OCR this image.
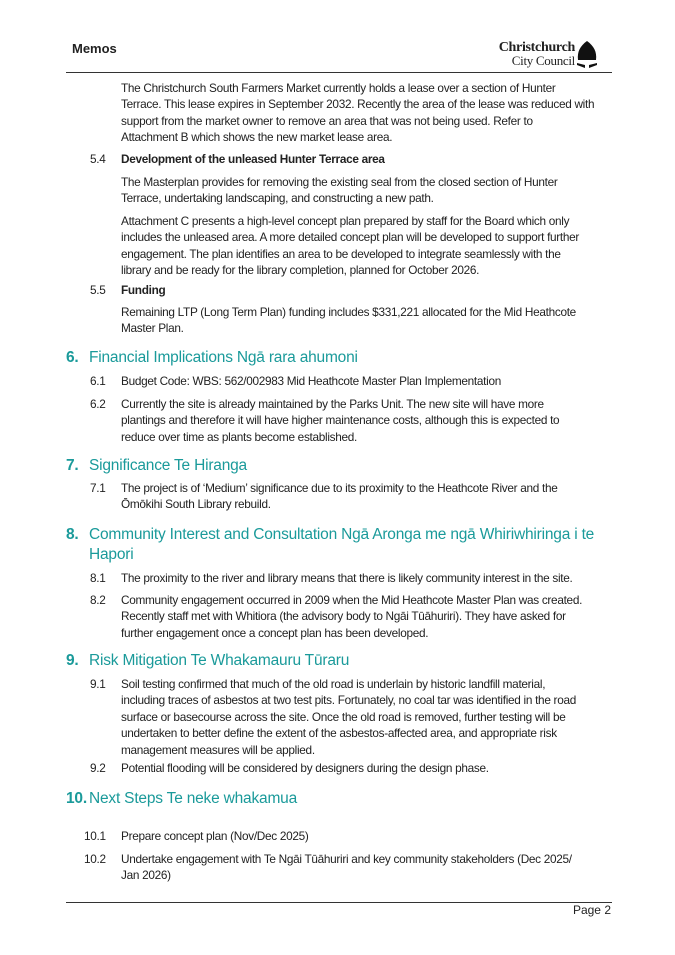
Memos	Christchurch
City Council
The Christchurch South Farmers Market currently holds a lease over a section of Hunter
Terrace. This lease expires in September 2032. Recently the area of the lease was reduced with
support from the market owner to remove an area that was not being used. Refer to
Attachment B which shows the new market lease area.
5.4 Development of the unleased Hunter Terrace area
The Masterplan provides for removing the existing seal from the closed section of Hunter
Terrace, undertaking landscaping, and constructing a new path.
Attachment C presents a high-level concept plan prepared by staff for the Board which only
includes the unleased area. A more detailed concept plan will be developed to support further
engagement. The plan identifies an area to be developed to integrate seamlessly with the
library and be ready for the library completion, planned for October 2026.
5.5 Funding
Remaining LTP (Long Term Plan) funding includes $331,221 allocated for the Mid Heathcote
Master Plan.
6. Financial Implications Ngā rara ahumoni
6.1 Budget Code: WBS: 562/002983 Mid Heathcote Master Plan Implementation
6.2 Currently the site is already maintained by the Parks Unit. The new site will have more
plantings and therefore it will have higher maintenance costs, although this is expected to
reduce over time as plants become established.
7. Significance Te Hiranga
7.1 The project is of ‘Medium’ significance due to its proximity to the Heathcote River and the
Ōmōkihi South Library rebuild.
8. Community Interest and Consultation Ngā Aronga me ngā Whiriwhiringa i te
Hapori
8.1 The proximity to the river and library means that there is likely community interest in the site.
8.2 Community engagement occurred in 2009 when the Mid Heathcote Master Plan was created.
Recently staff met with Whitiora (the advisory body to Ngāi Tūāhuriri). They have asked for
further engagement once a concept plan has been developed.
9. Risk Mitigation Te Whakamauru Tūraru
9.1 Soil testing confirmed that much of the old road is underlain by historic landfill material,
including traces of asbestos at two test pits. Fortunately, no coal tar was identified in the road
surface or basecourse across the site. Once the old road is removed, further testing will be
undertaken to better define the extent of the asbestos-affected area, and appropriate risk
management measures will be applied.
9.2 Potential flooding will be considered by designers during the design phase.
10. Next Steps Te neke whakamua
10.1 Prepare concept plan (Nov/Dec 2025)
10.2 Undertake engagement with Te Ngāi Tūāhuriri and key community stakeholders (Dec 2025/
Jan 2026)
Page 2
